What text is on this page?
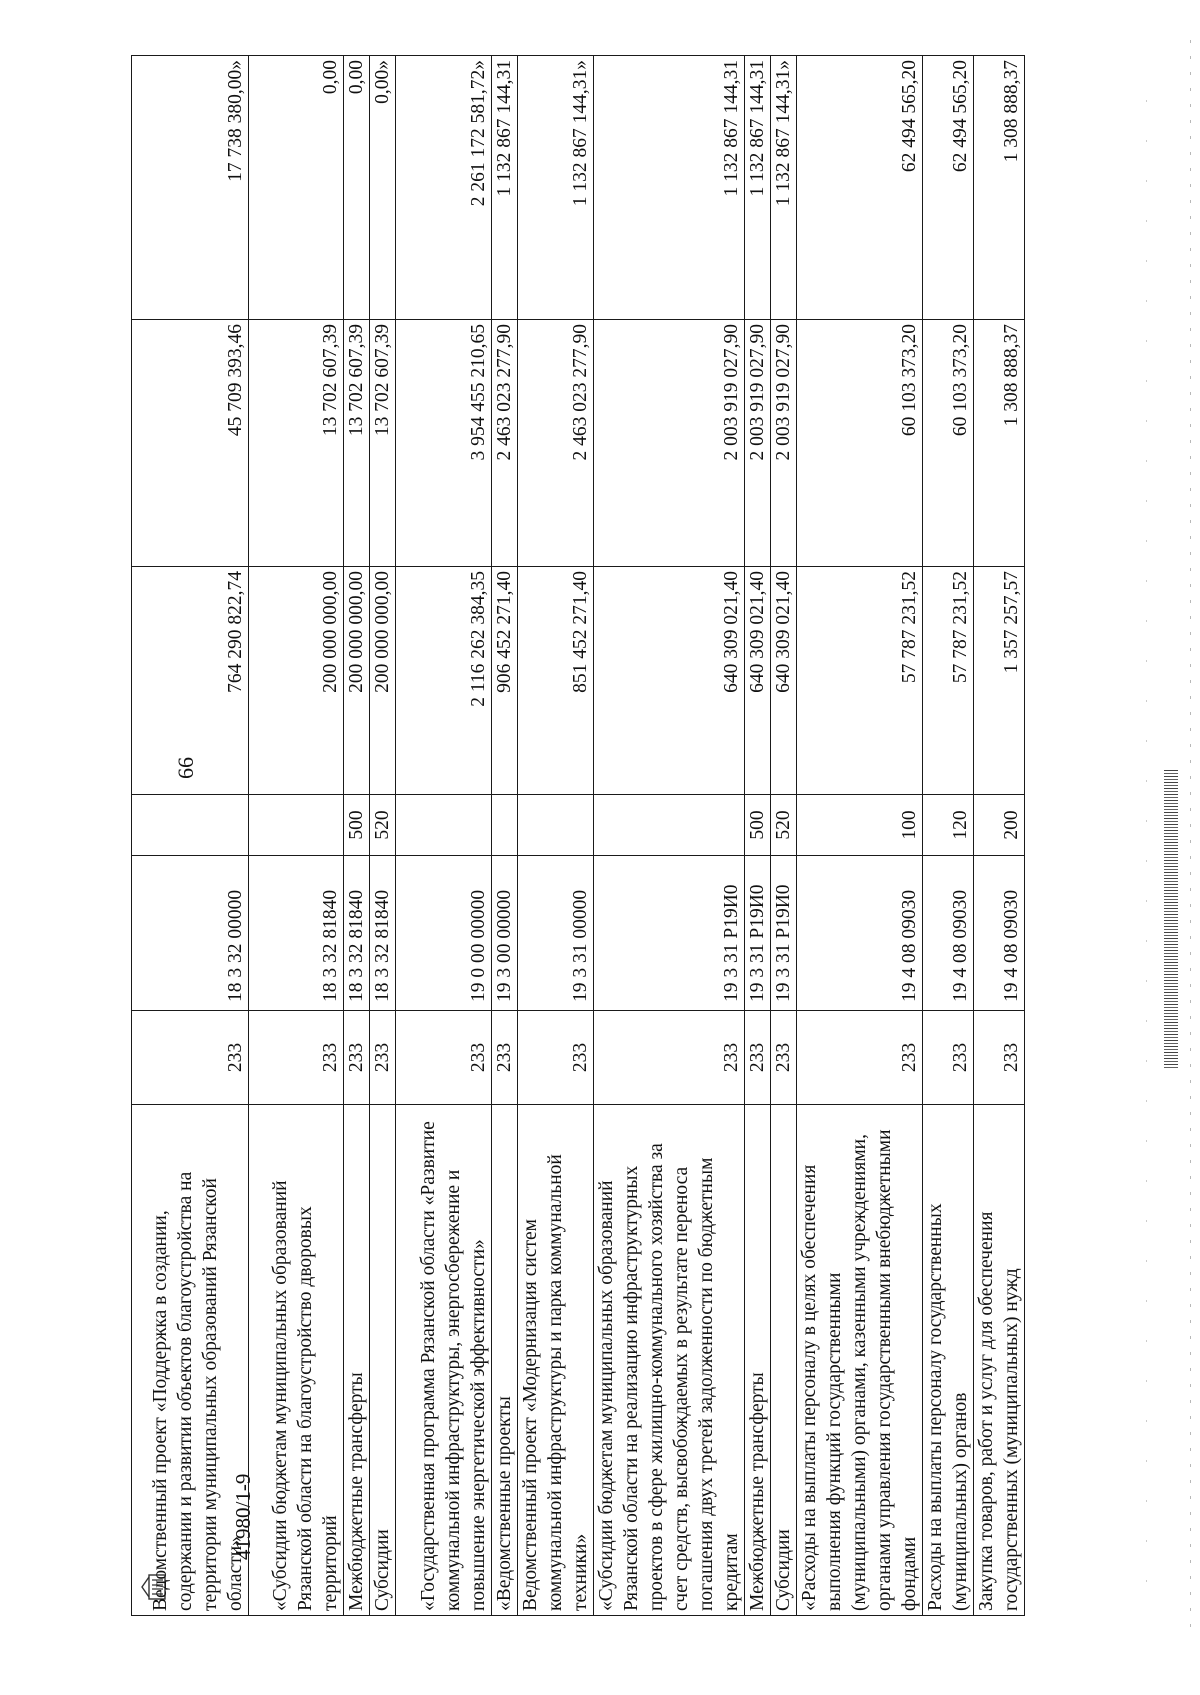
66
41980/1-9
Ведомственный проект «Поддержка в создании, содержании и развитии объектов благоустройства на территории муниципальных образований Рязанской области»	233	18 3 32 00000		764 290 822,74	45 709 393,46	17 738 380,00»
«Субсидии бюджетам муниципальных образований Рязанской области на благоустройство дворовых территорий	233	18 3 32 81840		200 000 000,00	13 702 607,39	0,00
Межбюджетные трансферты	233	18 3 32 81840	500	200 000 000,00	13 702 607,39	0,00
Субсидии	233	18 3 32 81840	520	200 000 000,00	13 702 607,39	0,00»
«Государственная программа Рязанской области «Развитие коммунальной инфраструктуры, энергосбережение и повышение энергетической эффективности»	233	19 0 00 00000		2 116 262 384,35	3 954 455 210,65	2 261 172 581,72»
«Ведомственные проекты	233	19 3 00 00000		906 452 271,40	2 463 023 277,90	1 132 867 144,31
Ведомственный проект «Модернизация систем коммунальной инфраструктуры и парка коммунальной техники»	233	19 3 31 00000		851 452 271,40	2 463 023 277,90	1 132 867 144,31»
«Субсидии бюджетам муниципальных образований Рязанской области на реализацию инфраструктурных проектов в сфере жилищно-коммунального хозяйства за счет средств, высвобождаемых в результате переноса погашения двух третей задолженности по бюджетным кредитам	233	19 3 31 Р19И0		640 309 021,40	2 003 919 027,90	1 132 867 144,31
Межбюджетные трансферты	233	19 3 31 Р19И0	500	640 309 021,40	2 003 919 027,90	1 132 867 144,31
Субсидии	233	19 3 31 Р19И0	520	640 309 021,40	2 003 919 027,90	1 132 867 144,31»
«Расходы на выплаты персоналу в целях обеспечения выполнения функций государственными (муниципальными) органами, казенными учреждениями, органами управления государственными внебюджетными фондами	233	19 4 08 09030	100	57 787 231,52	60 103 373,20	62 494 565,20
Расходы на выплаты персоналу государственных (муниципальных) органов	233	19 4 08 09030	120	57 787 231,52	60 103 373,20	62 494 565,20
Закупка товаров, работ и услуг для обеспечения государственных (муниципальных) нужд	233	19 4 08 09030	200	1 357 257,57	1 308 888,37	1 308 888,37
